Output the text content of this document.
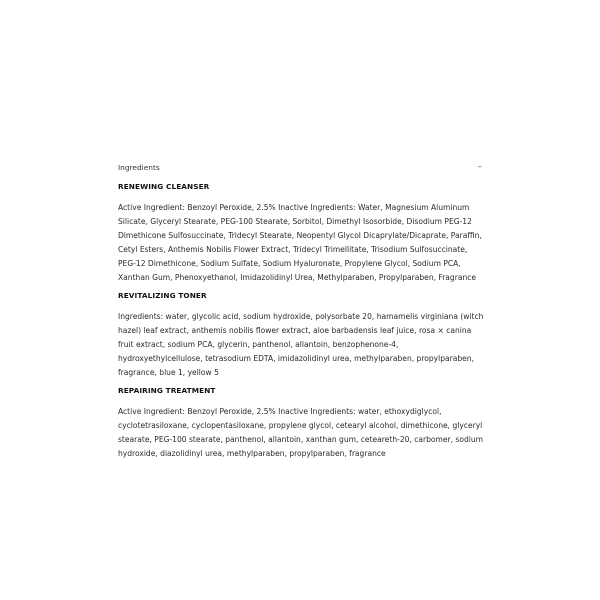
Ingredients	–
RENEWING CLEANSER

Active Ingredient: Benzoyl Peroxide, 2.5% Inactive Ingredients: Water, Magnesium Aluminum Silicate, Glyceryl Stearate, PEG-100 Stearate, Sorbitol, Dimethyl Isosorbide, Disodium PEG-12 Dimethicone Sulfosuccinate, Tridecyl Stearate, Neopentyl Glycol Dicaprylate/Dicaprate, Paraffin, Cetyl Esters, Anthemis Nobilis Flower Extract, Tridecyl Trimellitate, Trisodium Sulfosuccinate, PEG-12 Dimethicone, Sodium Sulfate, Sodium Hyaluronate, Propylene Glycol, Sodium PCA, Xanthan Gum, Phenoxyethanol, Imidazolidinyl Urea, Methylparaben, Propylparaben, Fragrance

REVITALIZING TONER

Ingredients: water, glycolic acid, sodium hydroxide, polysorbate 20, hamamelis virginiana (witch hazel) leaf extract, anthemis nobilis flower extract, aloe barbadensis leaf juice, rosa × canina fruit extract, sodium PCA, glycerin, panthenol, allantoin, benzophenone-4, hydroxyethylcellulose, tetrasodium EDTA, imidazolidinyl urea, methylparaben, propylparaben, fragrance, blue 1, yellow 5

REPAIRING TREATMENT

Active Ingredient: Benzoyl Peroxide, 2.5% Inactive Ingredients: water, ethoxydiglycol, cyclotetrasiloxane, cyclopentasiloxane, propylene glycol, cetearyl alcohol, dimethicone, glyceryl stearate, PEG-100 stearate, panthenol, allantoin, xanthan gum, ceteareth-20, carbomer, sodium hydroxide, diazolidinyl urea, methylparaben, propylparaben, fragrance
